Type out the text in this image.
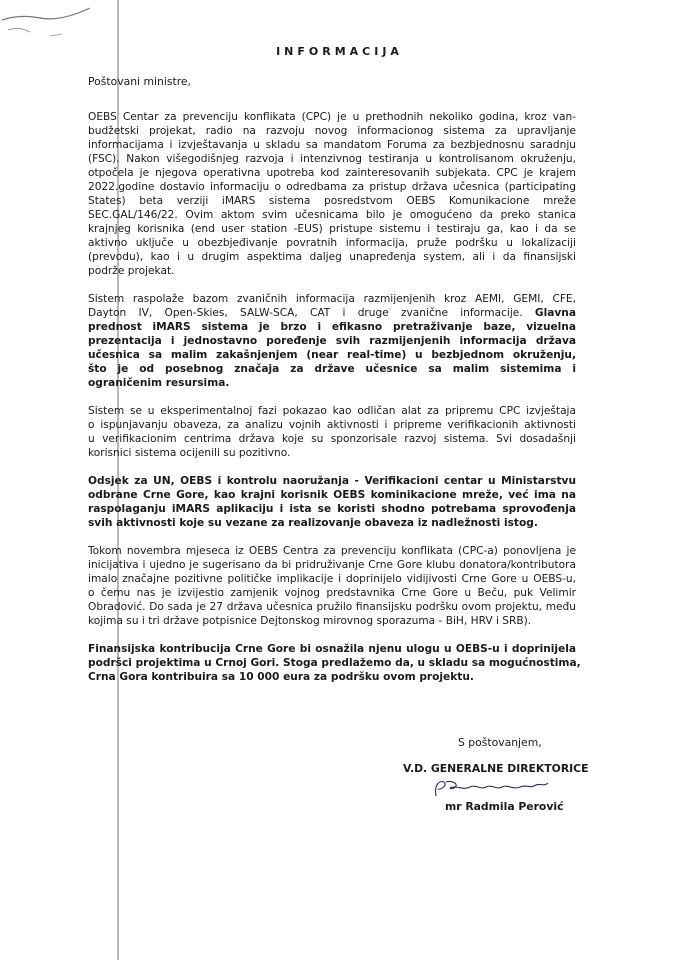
INFORMACIJA
Poštovani ministre,
OEBS Centar za prevenciju konflikata (CPC) je u prethodnih nekoliko godina, kroz van-
budžetski projekat, radio na razvoju novog informacionog sistema za upravljanje
informacijama i izvještavanja u skladu sa mandatom Foruma za bezbjednosnu saradnju
(FSC). Nakon višegodišnjeg razvoja i intenzivnog testiranja u kontrolisanom okruženju,
otpočela je njegova operativna upotreba kod zainteresovanih subjekata. CPC je krajem
2022.godine dostavio informaciju o odredbama za pristup država učesnica (participating
States) beta verziji iMARS sistema posredstvom OEBS Komunikacione mreže
SEC.GAL/146/22. Ovim aktom svim učesnicama bilo je omogućeno da preko stanica
krajnjeg korisnika (end user station -EUS) pristupe sistemu i testiraju ga, kao i da se
aktivno uključe u obezbjeđivanje povratnih informacija, pruže podršku u lokalizaciji
(prevodu), kao i u drugim aspektima daljeg unapređenja system, ali i da finansijski
podrže projekat.
Sistem raspolaže bazom zvaničnih informacija razmijenjenih kroz AEMI, GEMI, CFE,
Dayton IV, Open-Skies, SALW-SCA, CAT i druge zvanične informacije. Glavna
prednost iMARS sistema je brzo i efikasno pretraživanje baze, vizuelna
prezentacija i jednostavno poređenje svih razmijenjenih informacija država
učesnica sa malim zakašnjenjem (near real-time) u bezbjednom okruženju,
što je od posebnog značaja za države učesnice sa malim sistemima i
ograničenim resursima.
Sistem se u eksperimentalnoj fazi pokazao kao odličan alat za pripremu CPC izvještaja
o ispunjavanju obaveza, za analizu vojnih aktivnosti i pripreme verifikacionih aktivnosti
u verifikacionim centrima država koje su sponzorisale razvoj sistema. Svi dosadašnji
korisnici sistema ocijenili su pozitivno.
Odsjek za UN, OEBS i kontrolu naoružanja - Verifikacioni centar u Ministarstvu
odbrane Crne Gore, kao krajni korisnik OEBS kominikacione mreže, već ima na
raspolaganju iMARS aplikaciju i ista se koristi shodno potrebama sprovođenja
svih aktivnosti koje su vezane za realizovanje obaveza iz nadležnosti istog.
Tokom novembra mjeseca iz OEBS Centra za prevenciju konflikata (CPC-a) ponovljena je
inicijativa i ujedno je sugerisano da bi pridruživanje Crne Gore klubu donatora/kontributora
imalo značajne pozitivne političke implikacije i doprinijelo vidijivosti Crne Gore u OEBS-u,
o čemu nas je izvijestio zamjenik vojnog predstavnika Crne Gore u Beču, puk Velimir
Obradović. Do sada je 27 država učesnica pružilo finansijsku podršku ovom projektu, među
kojima su i tri države potpisnice Dejtonskog mirovnog sporazuma - BiH, HRV i SRB).
Finansijska kontribucija Crne Gore bi osnažila njenu ulogu u OEBS-u i doprinijela
podršci projektima u Crnoj Gori. Stoga predlažemo da, u skladu sa mogućnostima,
Crna Gora kontribuira sa 10 000 eura za podršku ovom projektu.
S poštovanjem,
V.D. GENERALNE DIREKTORICE
mr Radmila Perović
